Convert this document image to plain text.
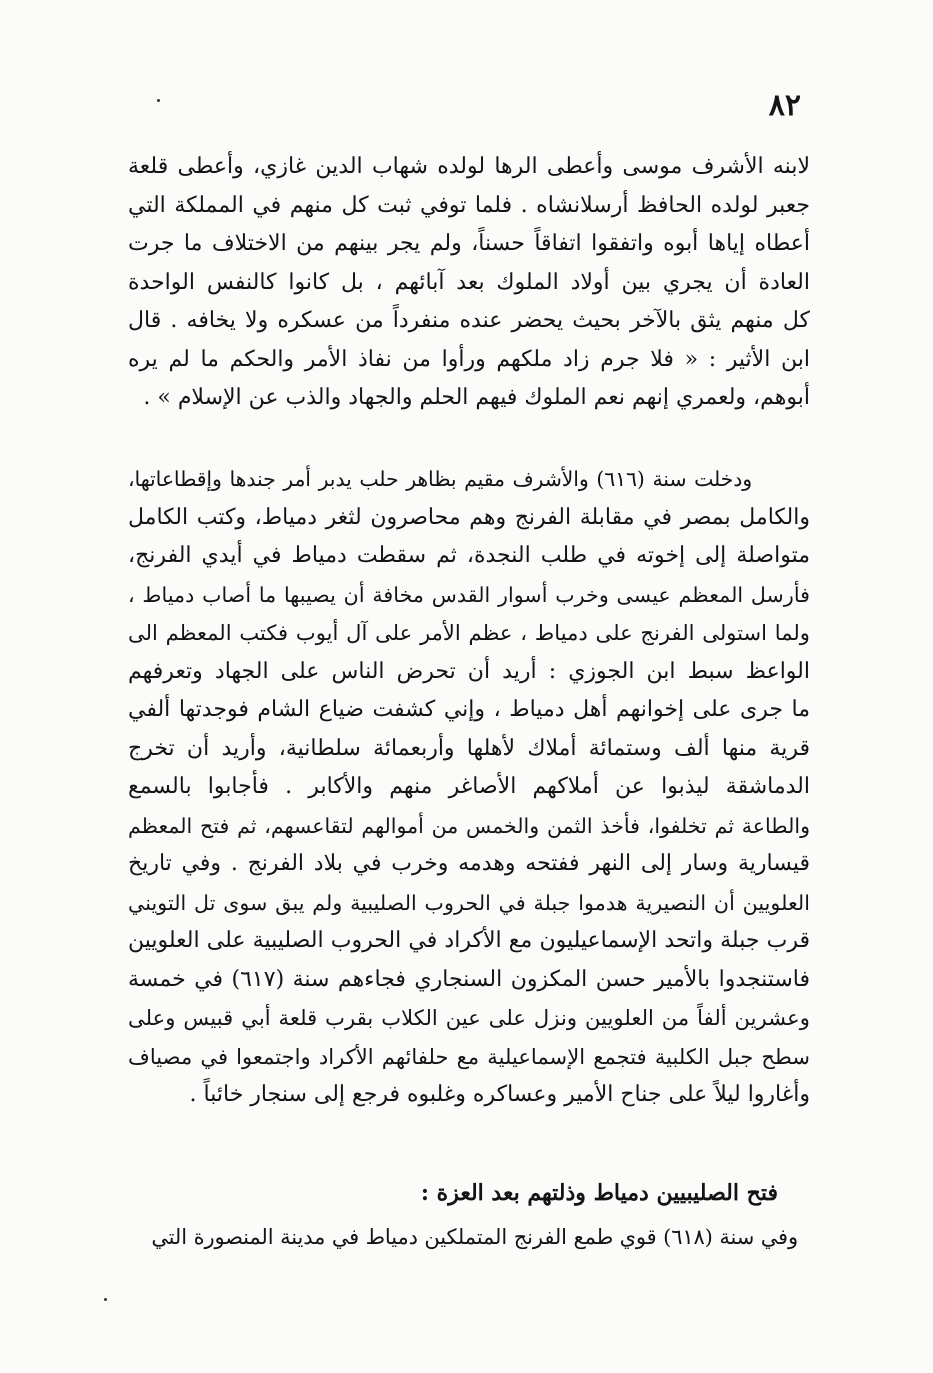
٨٢
لابنه الأشرف موسى وأعطى الرها لولده شهاب الدين غازي، وأعطى قلعة
جعبر لولده الحافظ أرسلانشاه . فلما توفي ثبت كل منهم في المملكة التي
أعطاه إياها أبوه واتفقوا اتفاقاً حسناً، ولم يجر بينهم من الاختلاف ما جرت
العادة أن يجري بين أولاد الملوك بعد آبائهم ، بل كانوا كالنفس الواحدة
كل منهم يثق بالآخر بحيث يحضر عنده منفرداً من عسكره ولا يخافه . قال
ابن الأثير : « فلا جرم زاد ملكهم ورأوا من نفاذ الأمر والحكم ما لم يره
أبوهم، ولعمري إنهم نعم الملوك فيهم الحلم والجهاد والذب عن الإسلام » .
ودخلت سنة (٦١٦) والأشرف مقيم بظاهر حلب يدبر أمر جندها وإقطاعاتها،
والكامل بمصر في مقابلة الفرنج وهم محاصرون لثغر دمياط، وكتب الكامل
متواصلة إلى إخوته في طلب النجدة، ثم سقطت دمياط في أيدي الفرنج،
فأرسل المعظم عيسى وخرب أسوار القدس مخافة أن يصيبها ما أصاب دمياط ،
ولما استولى الفرنج على دمياط ، عظم الأمر على آل أيوب فكتب المعظم الى
الواعظ سبط ابن الجوزي : أريد أن تحرض الناس على الجهاد وتعرفهم
ما جرى على إخوانهم أهل دمياط ، وإني كشفت ضياع الشام فوجدتها ألفي
قرية منها ألف وستمائة أملاك لأهلها وأربعمائة سلطانية، وأريد أن تخرج
الدماشقة ليذبوا عن أملاكهم الأصاغر منهم والأكابر . فأجابوا بالسمع
والطاعة ثم تخلفوا، فأخذ الثمن والخمس من أموالهم لتقاعسهم، ثم فتح المعظم
قيسارية وسار إلى النهر ففتحه وهدمه وخرب في بلاد الفرنج . وفي تاريخ
العلويين أن النصيرية هدموا جبلة في الحروب الصليبية ولم يبق سوى تل التويني
قرب جبلة واتحد الإسماعيليون مع الأكراد في الحروب الصليبية على العلويين
فاستنجدوا بالأمير حسن المكزون السنجاري فجاءهم سنة (٦١٧) في خمسة
وعشرين ألفاً من العلويين ونزل على عين الكلاب بقرب قلعة أبي قبيس وعلى
سطح جبل الكلبية فتجمع الإسماعيلية مع حلفائهم الأكراد واجتمعوا في مصياف
وأغاروا ليلاً على جناح الأمير وعساكره وغلبوه فرجع إلى سنجار خائباً .
فتح الصليبيين دمياط وذلتهم بعد العزة :
وفي سنة (٦١٨) قوي طمع الفرنج المتملكين دمياط في مدينة المنصورة التي
